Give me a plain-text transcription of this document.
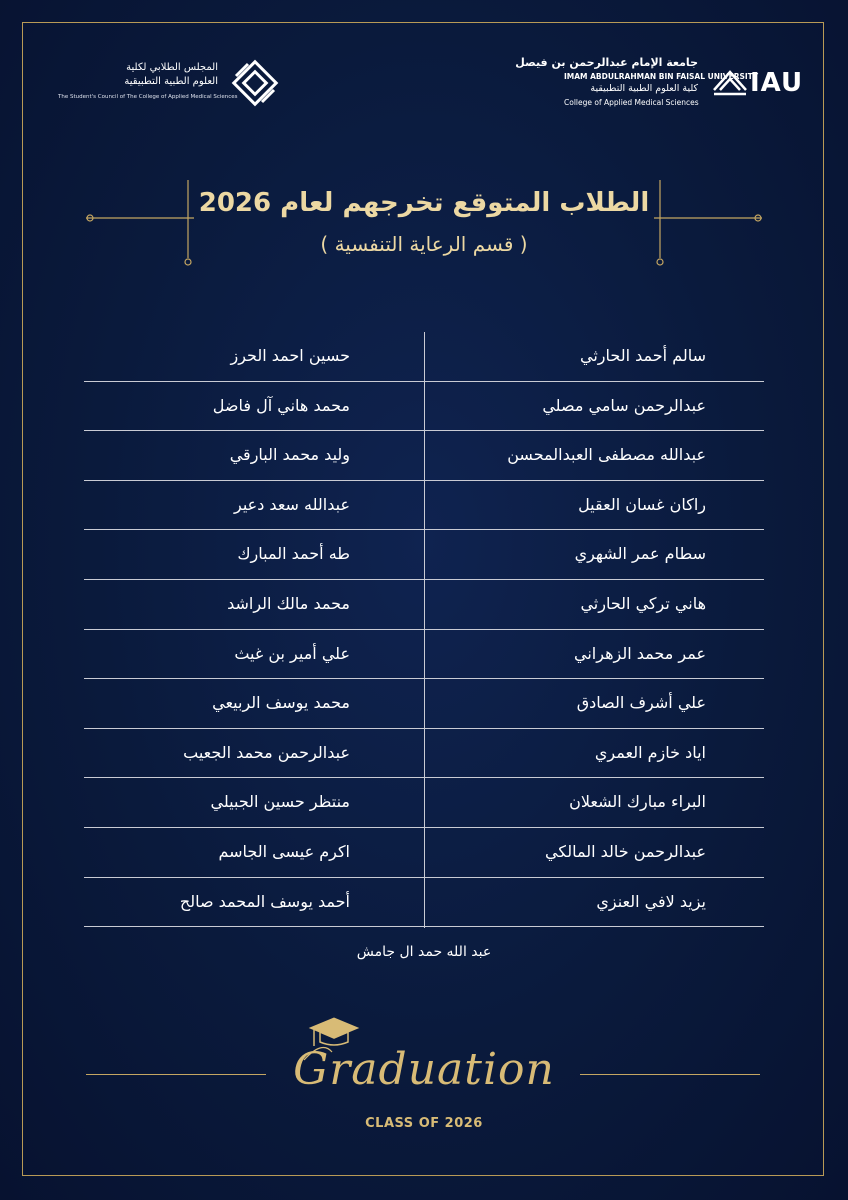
المجلس الطلابي لكلية
العلوم الطبية التطبيقية
The Student's Council of The College of Applied Medical Sciences
جامعة الإمام عبدالرحمن بن فيصل
IMAM ABDULRAHMAN BIN FAISAL UNIVERSITY
كلية العلوم الطبية التطبيقية
College of Applied Medical Sciences
IAU
الطلاب المتوقع تخرجهم لعام 2026
( قسم الرعاية التنفسية )
سالم أحمد الحارثي
حسين احمد الحرز
عبدالرحمن سامي مصلي
محمد هاني آل فاضل
عبدالله مصطفى العبدالمحسن
وليد محمد البارقي
راكان غسان العقيل
عبدالله سعد دعير
سطام عمر الشهري
طه أحمد المبارك
هاني تركي الحارثي
محمد مالك الراشد
عمر محمد الزهراني
علي أمير بن غيث
علي أشرف الصادق
محمد يوسف الربيعي
اياد خازم العمري
عبدالرحمن محمد الجعيب
البراء مبارك الشعلان
منتظر حسين الجبيلي
عبدالرحمن خالد المالكي
اكرم عيسى الجاسم
يزيد لافي العنزي
أحمد يوسف المحمد صالح
عبد الله حمد ال جامش
Graduation
CLASS OF 2026
